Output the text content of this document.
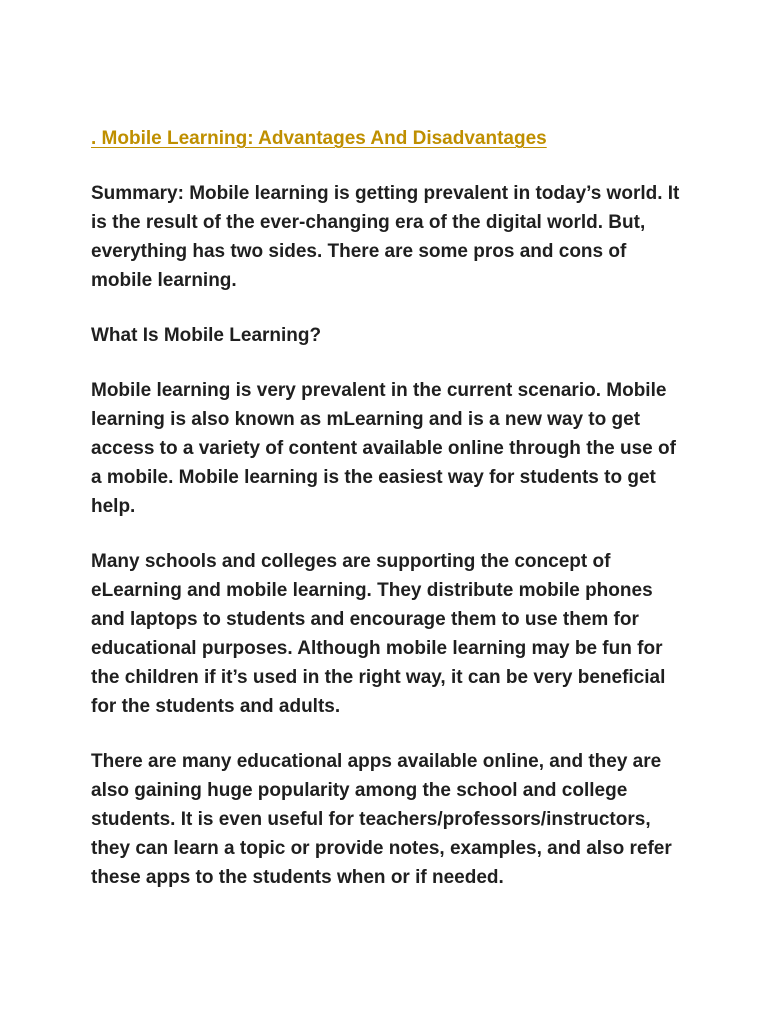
. Mobile Learning: Advantages And Disadvantages

Summary: Mobile learning is getting prevalent in today’s world. It is the result of the ever-changing era of the digital world. But, everything has two sides. There are some pros and cons of mobile learning.

What Is Mobile Learning?

Mobile learning is very prevalent in the current scenario. Mobile learning is also known as mLearning and is a new way to get access to a variety of content available online through the use of a mobile. Mobile learning is the easiest way for students to get help.

Many schools and colleges are supporting the concept of eLearning and mobile learning. They distribute mobile phones and laptops to students and encourage them to use them for educational purposes. Although mobile learning may be fun for the children if it’s used in the right way, it can be very beneficial for the students and adults.

There are many educational apps available online, and they are also gaining huge popularity among the school and college students. It is even useful for teachers/professors/instructors, they can learn a topic or provide notes, examples, and also refer these apps to the students when or if needed.
